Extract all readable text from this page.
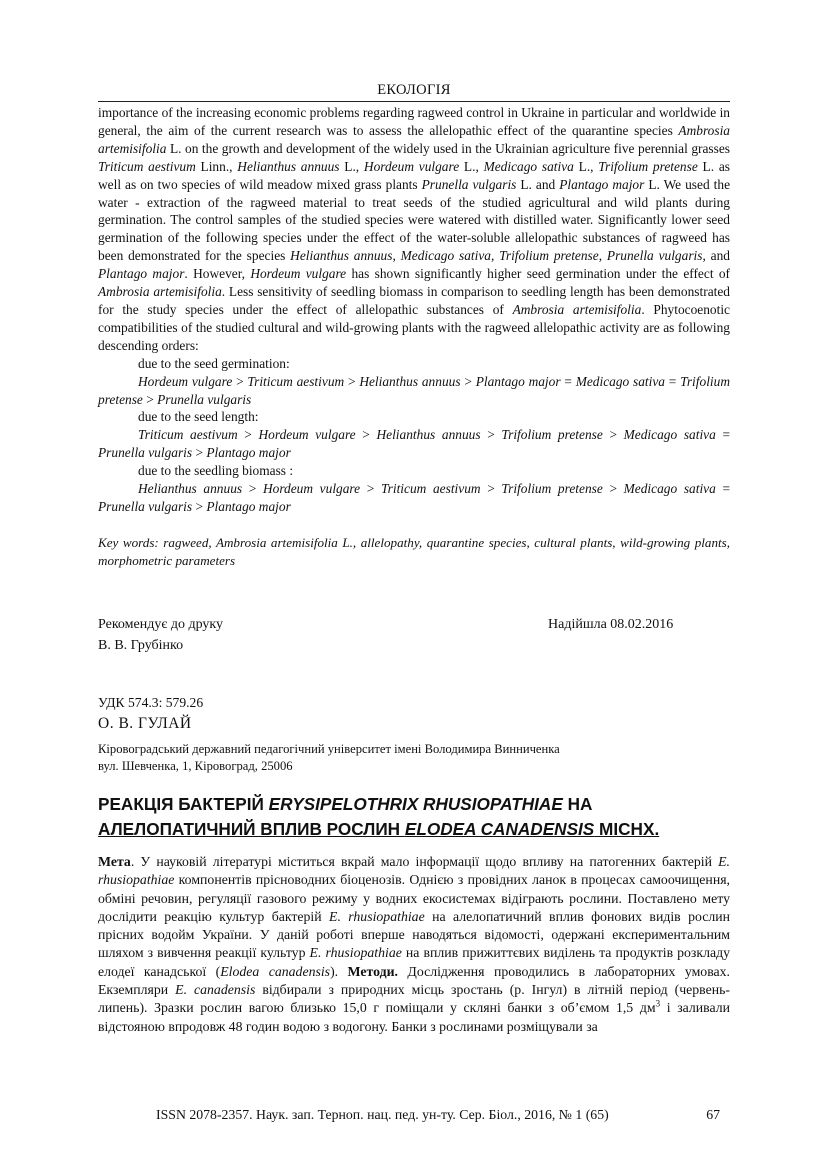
ЕКОЛОГІЯ

importance of the increasing economic problems regarding ragweed control in Ukraine in particular and worldwide in general, the aim of the current research was to assess the allelopathic effect of the quarantine species Ambrosia artemisifolia L. on the growth and development of the widely used in the Ukrainian agriculture five perennial grasses Triticum aestivum Linn., Helianthus annuus L., Hordeum vulgare L., Medicago sativa L., Trifolium pretense L. as well as on two species of wild meadow mixed grass plants Prunella vulgaris L. and Plantago major L. We used the water - extraction of the ragweed material to treat seeds of the studied agricultural and wild plants during germination. The control samples of the studied species were watered with distilled water. Significantly lower seed germination of the following species under the effect of the water-soluble allelopathic substances of ragweed has been demonstrated for the species Helianthus annuus, Medicago sativa, Trifolium pretense, Prunella vulgaris, and Plantago major. However, Hordeum vulgare has shown significantly higher seed germination under the effect of Ambrosia artemisifolia. Less sensitivity of seedling biomass in comparison to seedling length has been demonstrated for the study species under the effect of allelopathic substances of Ambrosia artemisifolia. Phytocoenotic compatibilities of the studied cultural and wild-growing plants with the ragweed allelopathic activity are as following descending orders:

due to the seed germination:

Hordeum vulgare > Triticum aestivum > Helianthus annuus > Plantago major = Medicago sativa = Trifolium pretense > Prunella vulgaris

due to the seed length:

Triticum aestivum > Hordeum vulgare > Helianthus annuus > Trifolium pretense > Medicago sativa = Prunella vulgaris > Plantago major

due to the seedling biomass :

Helianthus annuus > Hordeum vulgare > Triticum aestivum > Trifolium pretense > Medicago sativa = Prunella vulgaris > Plantago major

Key words: ragweed, Ambrosia artemisifolia L., allelopathy, quarantine species, cultural plants, wild-growing plants, morphometric parameters

Рекомендує до друку
В. В. Грубінко
Надійшла 08.02.2016
УДК 574.3: 579.26
О. В. ГУЛАЙ
Кіровоградський державний педагогічний університет імені Володимира Винниченка
вул. Шевченка, 1, Кіровоград, 25006
РЕАКЦІЯ БАКТЕРІЙ ERYSIPELOTHRIX RHUSIOPATHIAE НА
АЛЕЛОПАТИЧНИЙ ВПЛИВ РОСЛИН ELODEA CANADENSIS MICHX.

Мета. У науковій літературі міститься вкрай мало інформації щодо впливу на патогенних бактерій E. rhusiopathiae компонентів прісноводних біоценозів. Однією з провідних ланок в процесах самоочищення, обміні речовин, регуляції газового режиму у водних екосистемах відіграють рослини. Поставлено мету дослідити реакцію культур бактерій E. rhusiopathiae на алелопатичний вплив фонових видів рослин прісних водойм України. У даній роботі вперше наводяться відомості, одержані експериментальним шляхом з вивчення реакції культур E. rhusiopathiae на вплив прижиттєвих виділень та продуктів розкладу елодеї канадської (Elodea canadensis). Методи. Дослідження проводились в лабораторних умовах. Екземпляри E. canadensis відбирали з природних місць зростань (р. Інгул) в літній період (червень-липень). Зразки рослин вагою близько 15,0 г поміщали у скляні банки з об’ємом 1,5 $дм^3$ і заливали відстояною впродовж 48 годин водою з водогону. Банки з рослинами розміщували за

ISSN 2078-2357. Наук. зап. Терноп. нац. пед. ун-ту. Сер. Біол., 2016, № 1 (65)	67
